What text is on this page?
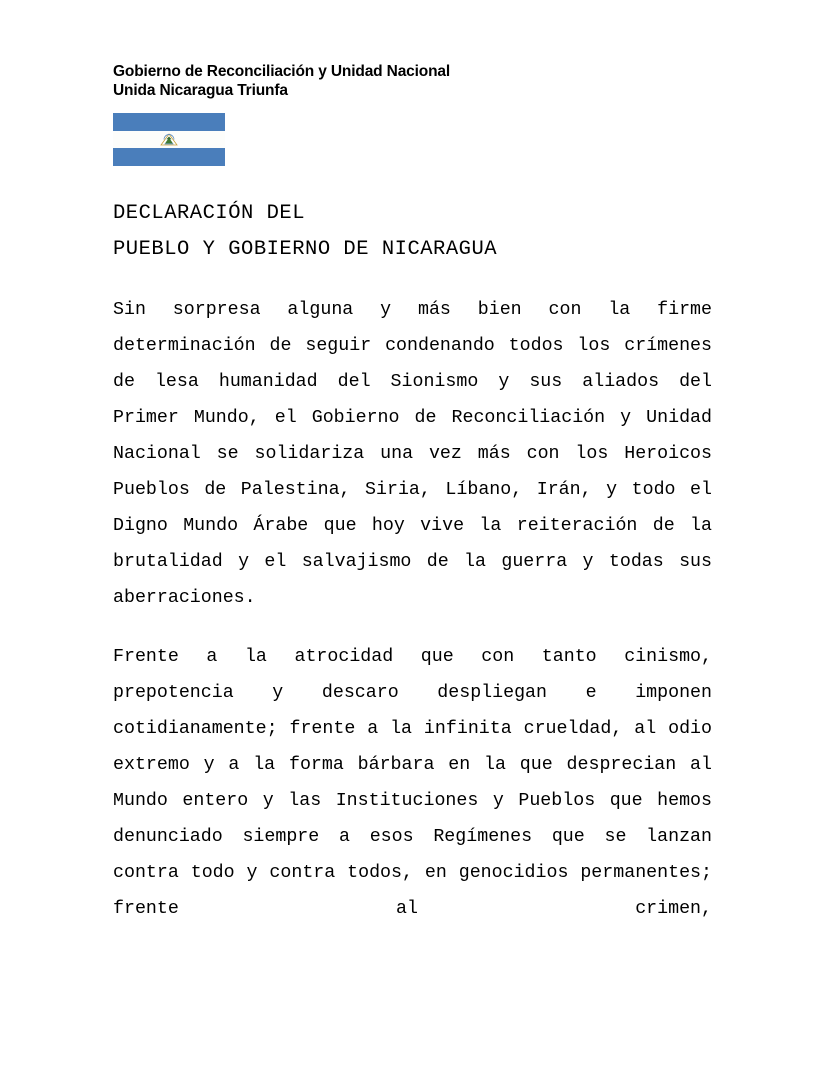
Gobierno de Reconciliación y Unidad Nacional
Unida Nicaragua Triunfa
DECLARACIÓN DEL
PUEBLO Y GOBIERNO DE NICARAGUA

Sin sorpresa alguna y más bien con la firme determinación de seguir condenando todos los crímenes de lesa humanidad del Sionismo y sus aliados del Primer Mundo, el Gobierno de Reconciliación y Unidad Nacional se solidariza una vez más con los Heroicos Pueblos de Palestina, Siria, Líbano, Irán, y todo el Digno Mundo Árabe que hoy vive la reiteración de la brutalidad y el salvajismo de la guerra y todas sus aberraciones.

Frente a la atrocidad que con tanto cinismo, prepotencia y descaro despliegan e imponen cotidianamente; frente a la infinita crueldad, al odio extremo y a la forma bárbara en la que desprecian al Mundo entero y las Instituciones y Pueblos que hemos denunciado siempre a esos Regímenes que se lanzan contra todo y contra todos, en genocidios permanentes; frente al crimen,
